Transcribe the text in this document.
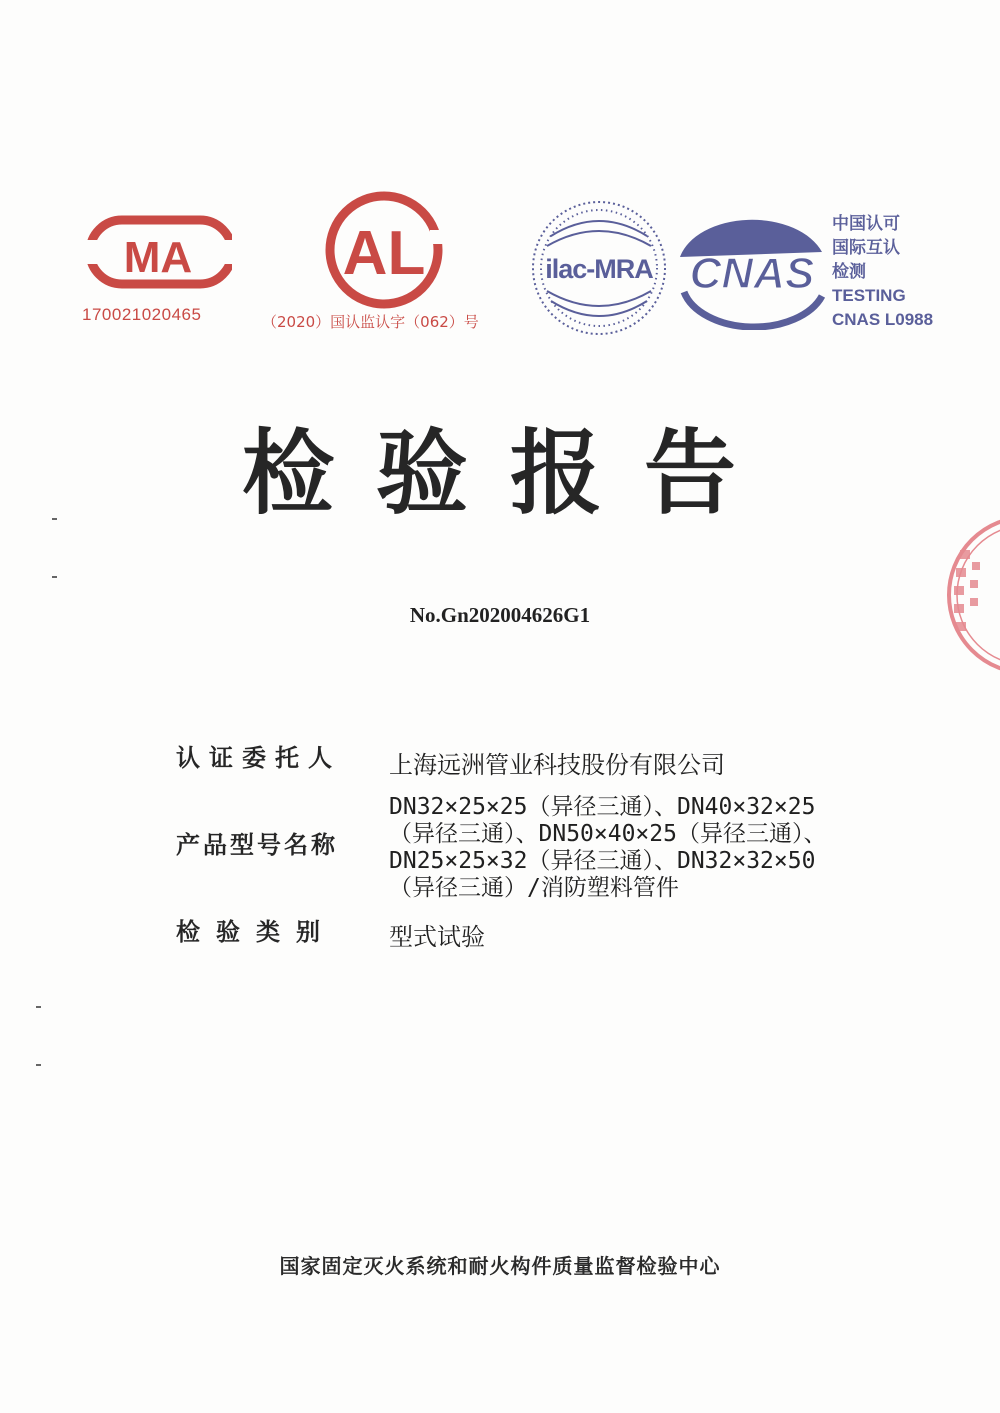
MA
170021020465
AL
（2020）国认监认字（062）号
ilac-MRA CNAS
中国认可
国际互认
检测
TESTING
CNAS L0988
检验报告
No.Gn202004626G1
认证委托人 上海远洲管业科技股份有限公司
产品型号名称
DN32×25×25（异径三通）、DN40×32×25
（异径三通）、DN50×40×25（异径三通）、
DN25×25×32（异径三通）、DN32×32×50
（异径三通）/消防塑料管件
检验类别 型式试验
国家固定灭火系统和耐火构件质量监督检验中心
